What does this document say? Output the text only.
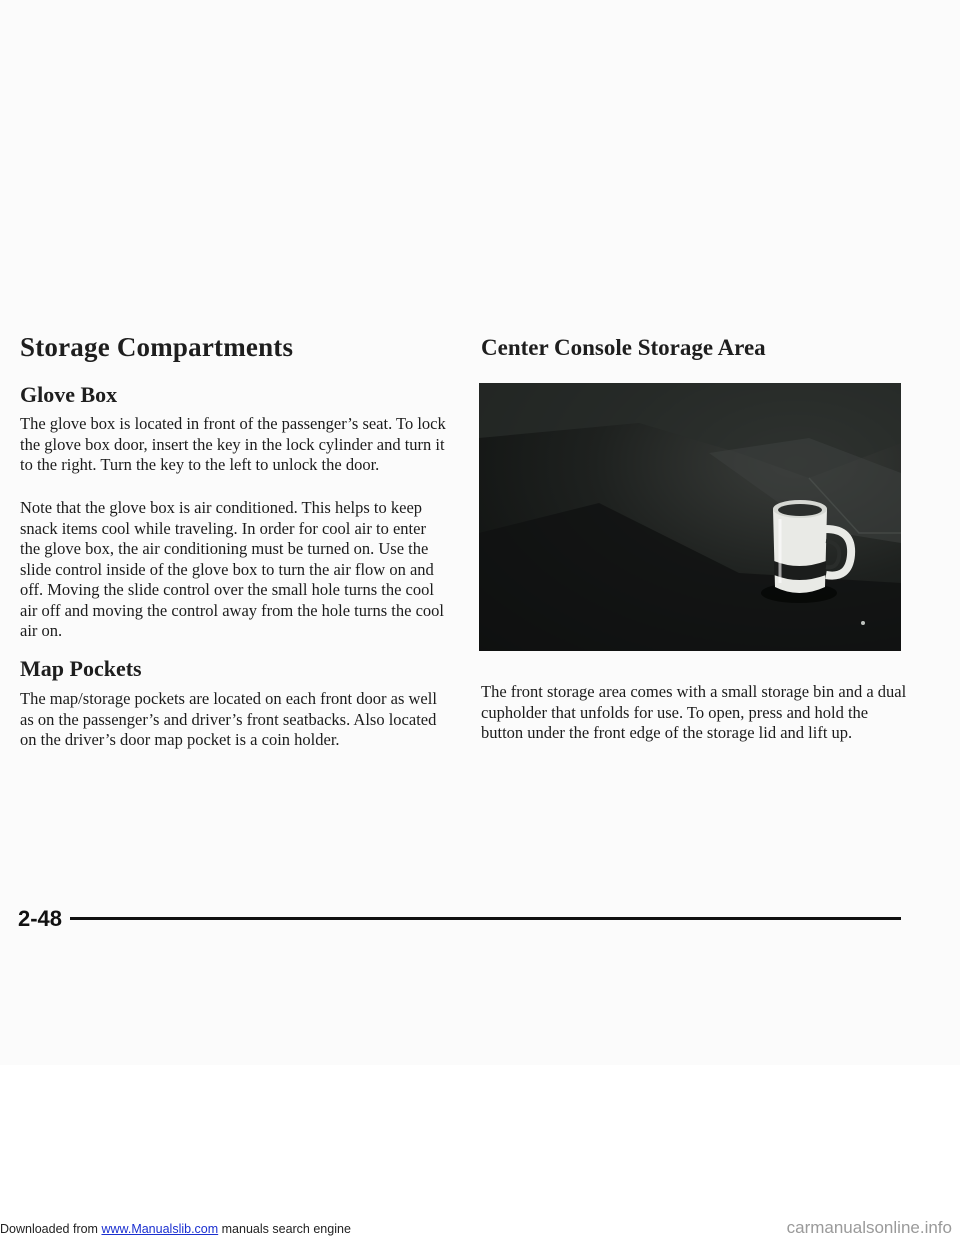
Storage Compartments
Glove Box

The glove box is located in front of the passenger’s seat. To lock the glove box door, insert the key in the lock cylinder and turn it to the right. Turn the key to the left to unlock the door.

Note that the glove box is air conditioned. This helps to keep snack items cool while traveling. In order for cool air to enter the glove box, the air conditioning must be turned on. Use the slide control inside of the glove box to turn the air flow on and off. Moving the slide control over the small hole turns the cool air off and moving the control away from the hole turns the cool air on.

Map Pockets

The map/storage pockets are located on each front door as well as on the passenger’s and driver’s front seatbacks. Also located on the driver’s door map pocket is a coin holder.

Center Console Storage Area

The front storage area comes with a small storage bin and a dual cupholder that unfolds for use. To open, press and hold the button under the front edge of the storage lid and lift up.

2-48

Downloaded from www.Manualslib.com manuals search engine	carmanualsonline.info
